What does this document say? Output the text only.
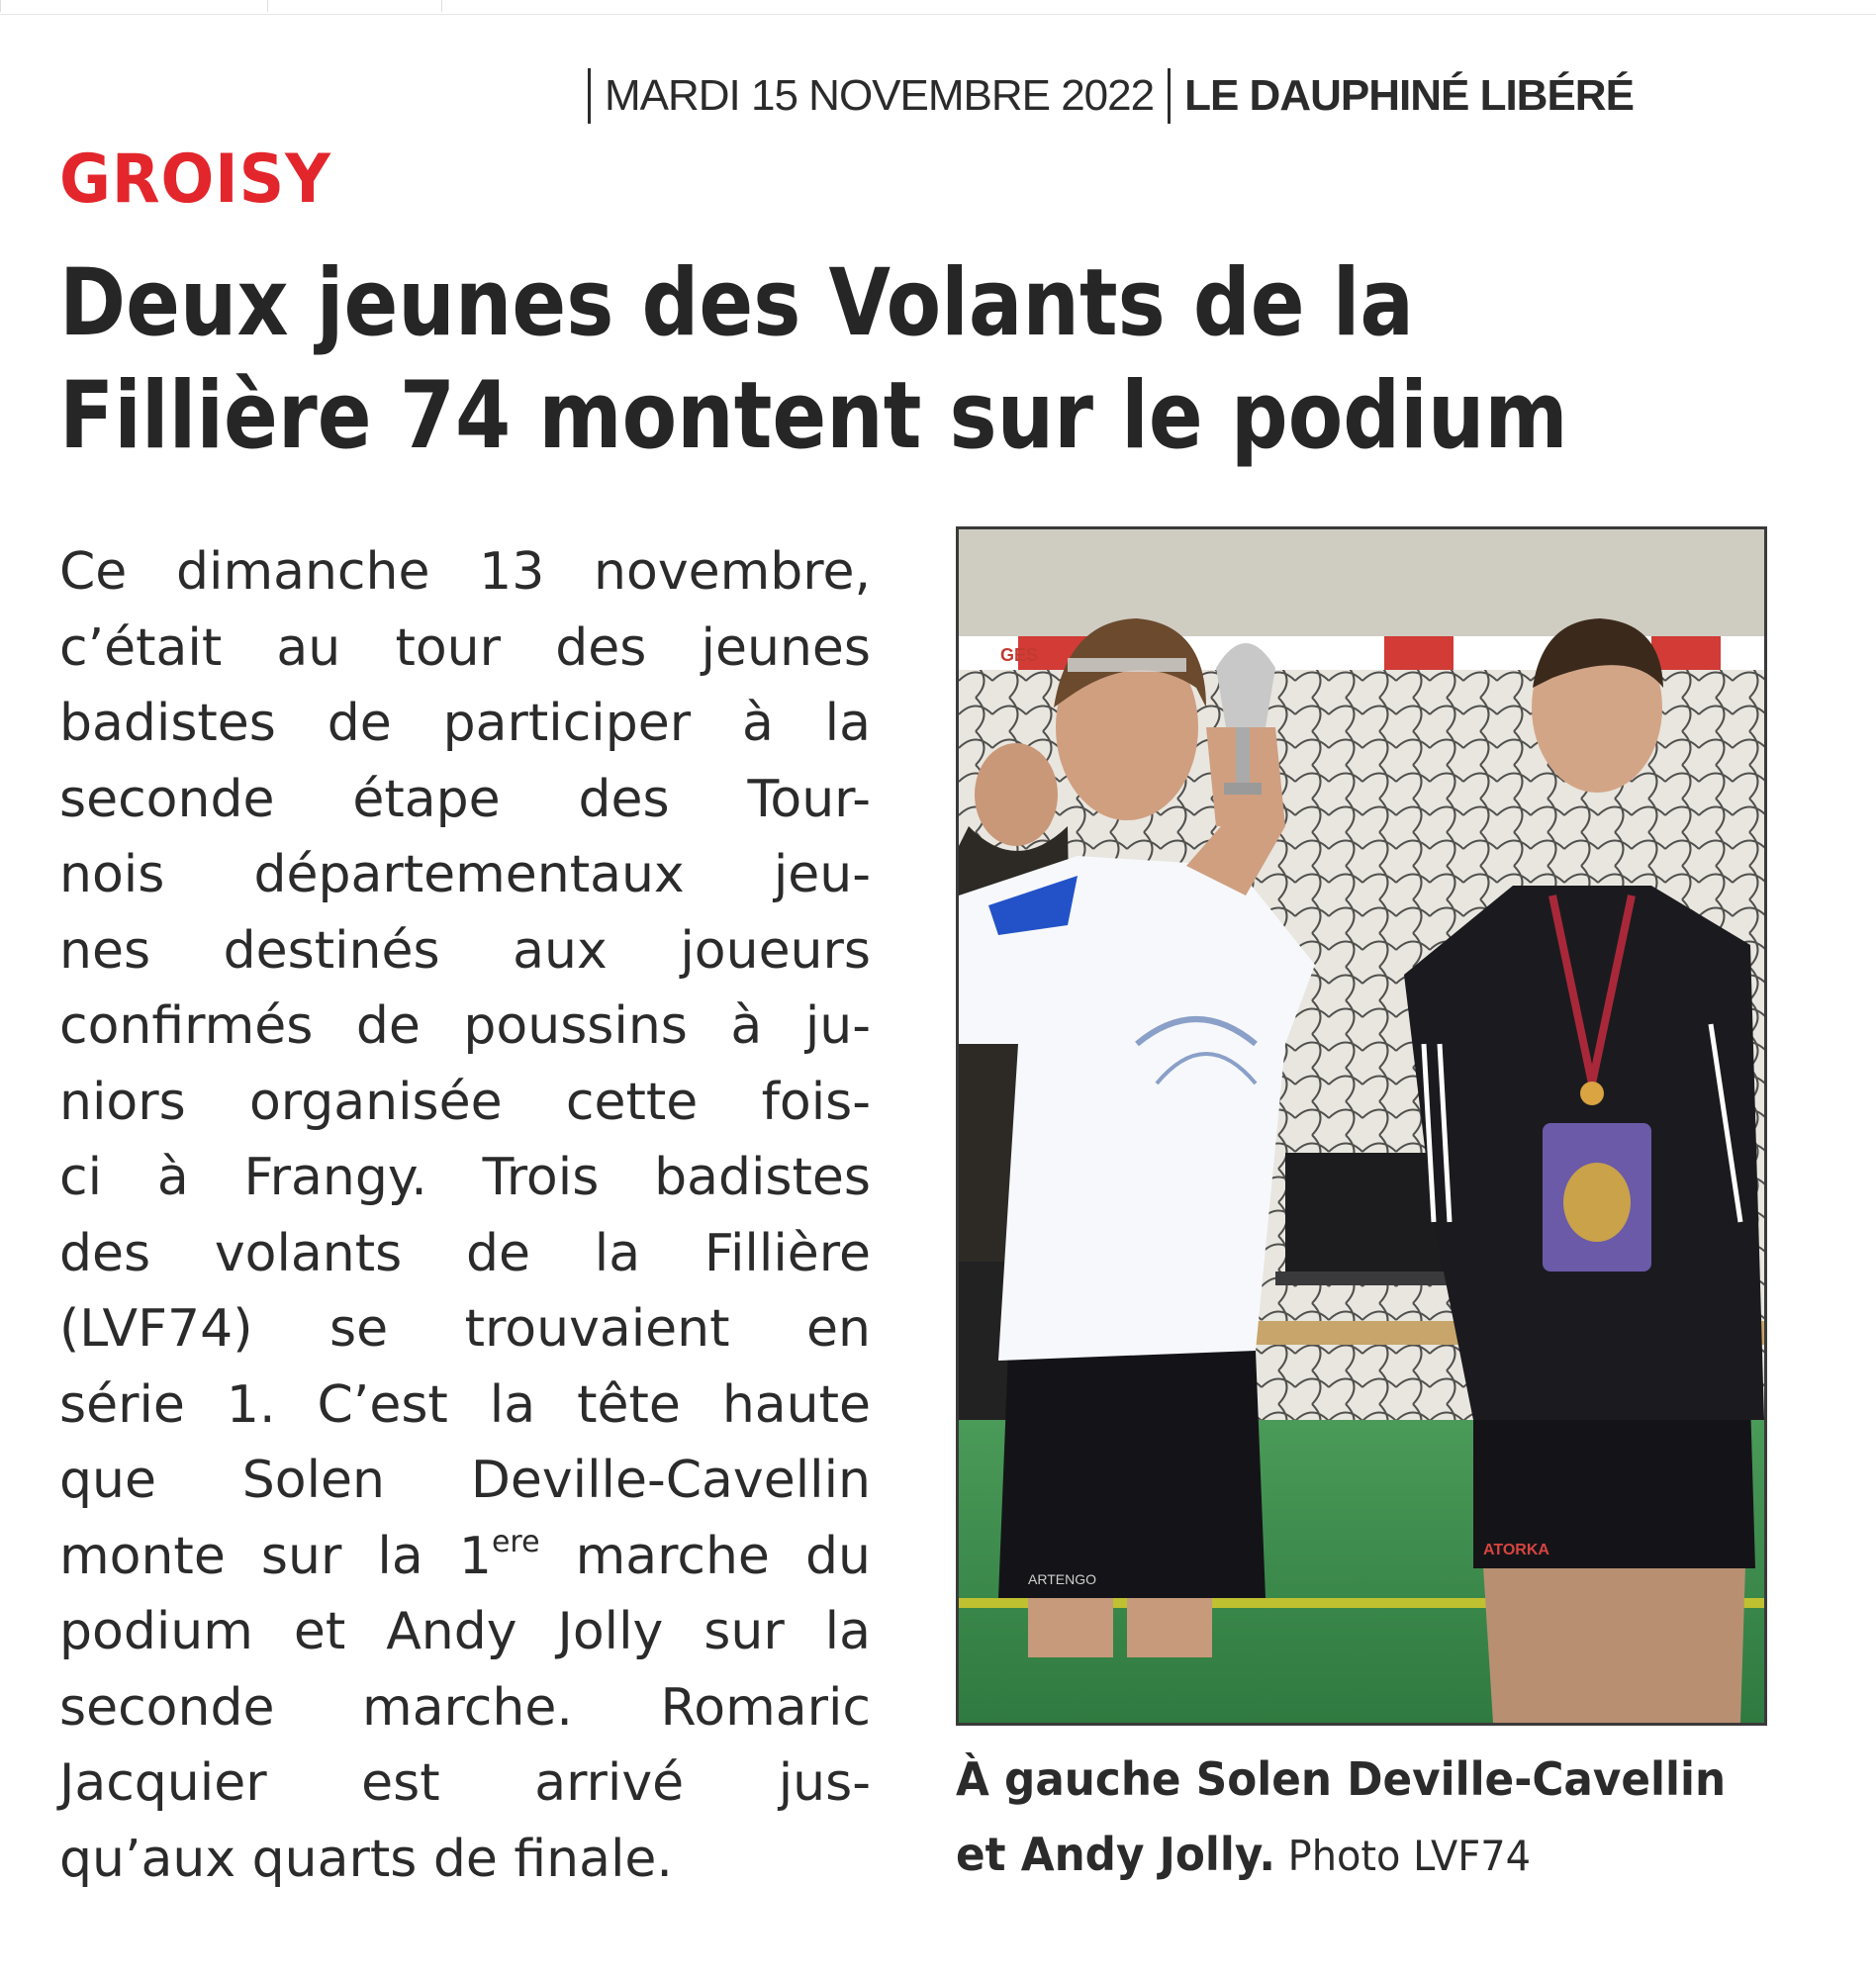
MARDI 15 NOVEMBRE 2022 LE DAUPHINÉ LIBÉRÉ
GROISY
Deux jeunes des Volants de la
Fillière 74 montent sur le podium
Ce dimanche 13 novembre,
c’était au tour des jeunes
badistes de participer à la
seconde étape des Tour-
nois départementaux jeu-
nes destinés aux joueurs
confirmés de poussins à ju-
niors organisée cette fois-
ci à Frangy. Trois badistes
des volants de la Fillière
(LVF74) se trouvaient en
série 1. C’est la tête haute
que Solen Deville-Cavellin
monte sur la 1ere marche du
podium et Andy Jolly sur la
seconde marche. Romaric
Jacquier est arrivé jus-
qu’aux quarts de finale.
GES
ARTENGO
ATORKA
À gauche Solen Deville-Cavellin
et Andy Jolly. Photo LVF74
